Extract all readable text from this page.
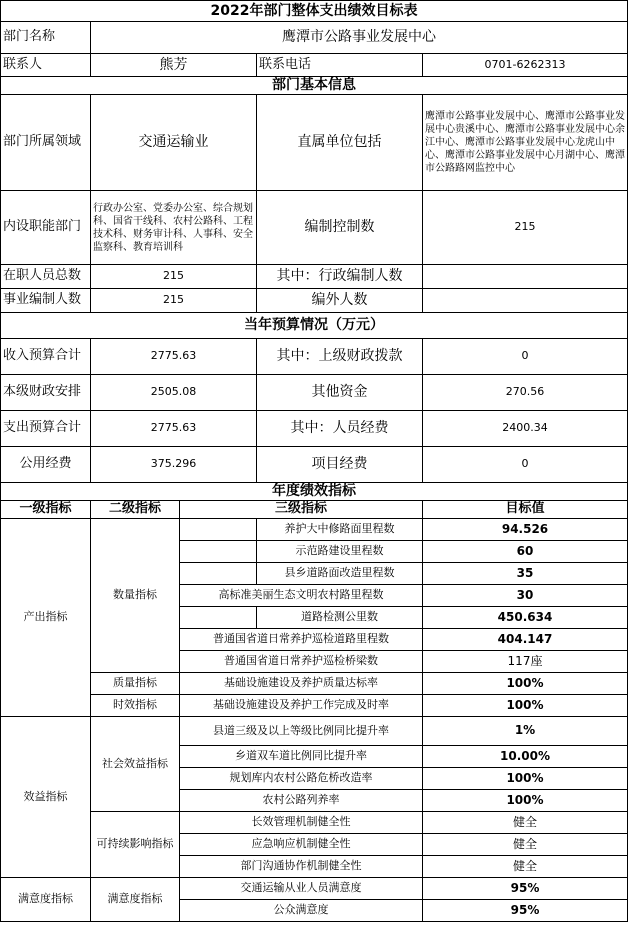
2022年部门整体支出绩效目标表				
部门名称	鹰潭市公路事业发展中心			
联系人	熊芳		联系电话	0701-6262313
部门基本信息				
部门所属领域	交通运输业		直属单位包括	鹰潭市公路事业发展中心、鹰潭市公路事业发展中心贵溪中心、鹰潭市公路事业发展中心余江中心、鹰潭市公路事业发展中心龙虎山中心、鹰潭市公路事业发展中心月湖中心、鹰潭市公路路网监控中心
内设职能部门	行政办公室、党委办公室、综合规划科、国省干线科、农村公路科、工程技术科、财务审计科、人事科、安全监察科、教育培训科		编制控制数	215
在职人员总数	215		其中：行政编制人数	
事业编制人数	215		编外人数	
当年预算情况（万元）				
收入预算合计	2775.63		其中：上级财政拨款	0
本级财政安排	2505.08		其他资金	270.56
支出预算合计	2775.63		其中：人员经费	2400.34
公用经费	375.296		项目经费	0
年度绩效指标				
一级指标	二级指标	三级指标		目标值
产出指标	数量指标		养护大中修路面里程数	94.526
			示范路建设里程数	60
			县乡道路面改造里程数	35
		高标准美丽生态文明农村路里程数		30
			道路检测公里数	450.634
		普通国省道日常养护巡检道路里程数		404.147
		普通国省道日常养护巡检桥梁数		117座
	质量指标	基础设施建设及养护质量达标率		100%
	时效指标	基础设施建设及养护工作完成及时率		100%
效益指标	社会效益指标	县道三级及以上等级比例同比提升率		1%
		乡道双车道比例同比提升率		10.00%
		规划库内农村公路危桥改造率		100%
		农村公路列养率		100%
	可持续影响指标	长效管理机制健全性		健全
		应急响应机制健全性		健全
		部门沟通协作机制健全性		健全
满意度指标	满意度指标	交通运输从业人员满意度		95%
		公众满意度		95%
